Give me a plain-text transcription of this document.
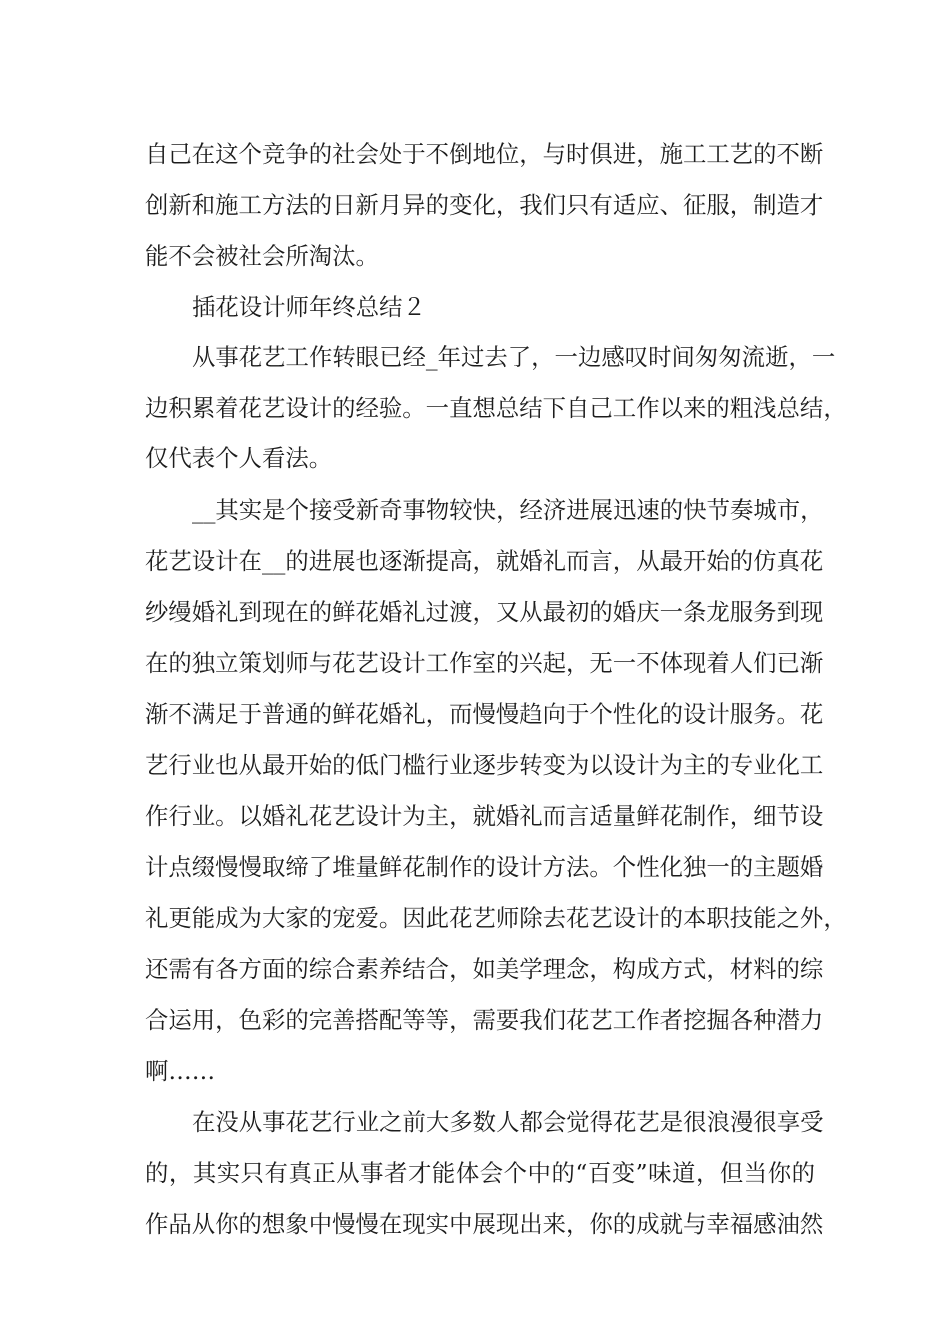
自己在这个竞争的社会处于不倒地位，与时俱进，施工工艺的不断
创新和施工方法的日新月异的变化，我们只有适应、征服，制造才
能不会被社会所淘汰。
插花设计师年终总结２
从事花艺工作转眼已经_年过去了，一边感叹时间匆匆流逝，一
边积累着花艺设计的经验。一直想总结下自己工作以来的粗浅总结，
仅代表个人看法。
__其实是个接受新奇事物较快，经济进展迅速的快节奏城市，
花艺设计在__的进展也逐渐提高，就婚礼而言，从最开始的仿真花
纱缦婚礼到现在的鲜花婚礼过渡，又从最初的婚庆一条龙服务到现
在的独立策划师与花艺设计工作室的兴起，无一不体现着人们已渐
渐不满足于普通的鲜花婚礼，而慢慢趋向于个性化的设计服务。花
艺行业也从最开始的低门槛行业逐步转变为以设计为主的专业化工
作行业。以婚礼花艺设计为主，就婚礼而言适量鲜花制作，细节设
计点缀慢慢取缔了堆量鲜花制作的设计方法。个性化独一的主题婚
礼更能成为大家的宠爱。因此花艺师除去花艺设计的本职技能之外，
还需有各方面的综合素养结合，如美学理念，构成方式，材料的综
合运用，色彩的完善搭配等等，需要我们花艺工作者挖掘各种潜力
啊……
在没从事花艺行业之前大多数人都会觉得花艺是很浪漫很享受
的，其实只有真正从事者才能体会个中的“百变”味道，但当你的
作品从你的想象中慢慢在现实中展现出来，你的成就与幸福感油然
